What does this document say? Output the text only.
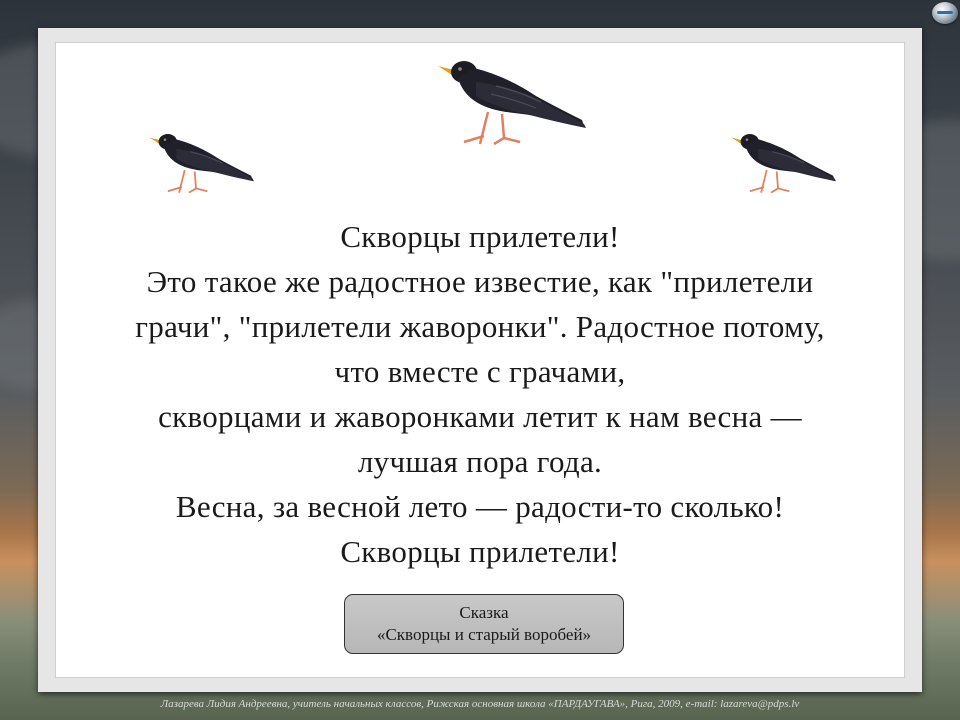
Скворцы прилетели!
Это такое же радостное известие, как "прилетели
грачи", "прилетели жаворонки". Радостное потому,
что вместе с грачами,
скворцами и жаворонками летит к нам весна —
лучшая пора года.
Весна, за весной лето — радости-то сколько!
Скворцы прилетели!
Сказка
«Скворцы и старый воробей»
Лазарева Лидия Андреевна, учитель начальных классов, Рижская основная школа «ПАРДАУГАВА», Рига, 2009, e-mail: lazareva@pdps.lv
